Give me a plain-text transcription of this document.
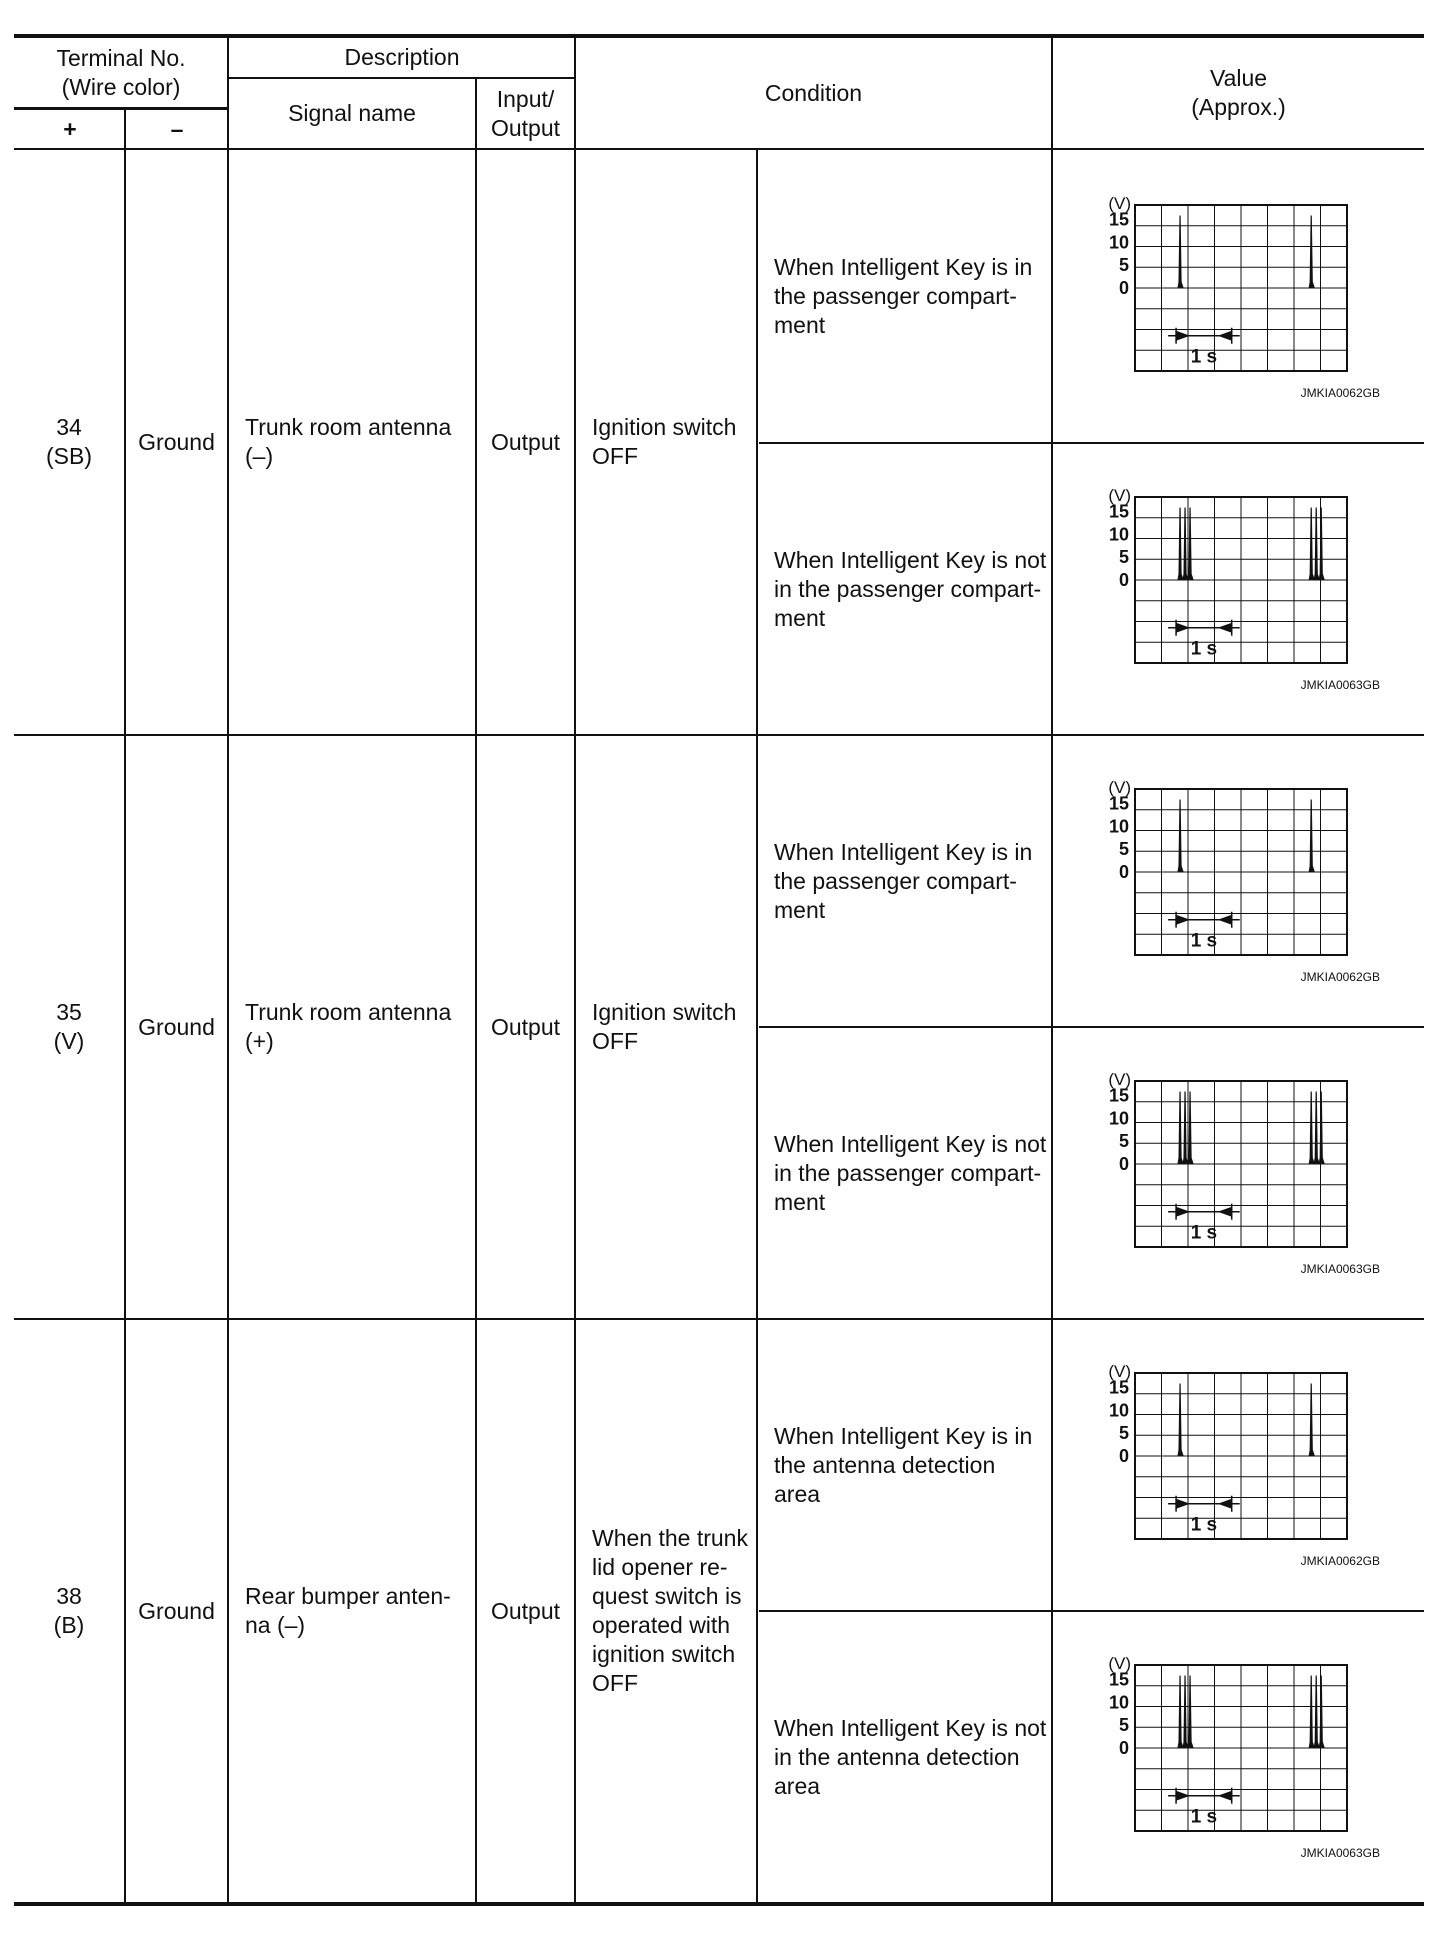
Terminal No.
(Wire color)
+	–
Description
Signal name
Input/
Output
Condition
Value
(Approx.)
34
(SB)
Ground
Trunk room antenna
(–)
Output
Ignition switch
OFF
When Intelligent Key is in
the passenger compart-
ment
When Intelligent Key is not
in the passenger compart-
ment
35
(V)
Ground
Trunk room antenna
(+)
Output
Ignition switch
OFF
When Intelligent Key is in
the passenger compart-
ment
When Intelligent Key is not
in the passenger compart-
ment
38
(B)
Ground
Rear bumper anten-
na (–)
Output
When the trunk
lid opener re-
quest switch is
operated with
ignition switch
OFF
When Intelligent Key is in
the antenna detection
area
When Intelligent Key is not
in the antenna detection
area
(V)
15
10
5
0
1 s
JMKIA0062GB
(V)
15
10
5
0
1 s
JMKIA0063GB
(V)
15
10
5
0
1 s
JMKIA0062GB
(V)
15
10
5
0
1 s
JMKIA0063GB
(V)
15
10
5
0
1 s
JMKIA0062GB
(V)
15
10
5
0
1 s
JMKIA0063GB
